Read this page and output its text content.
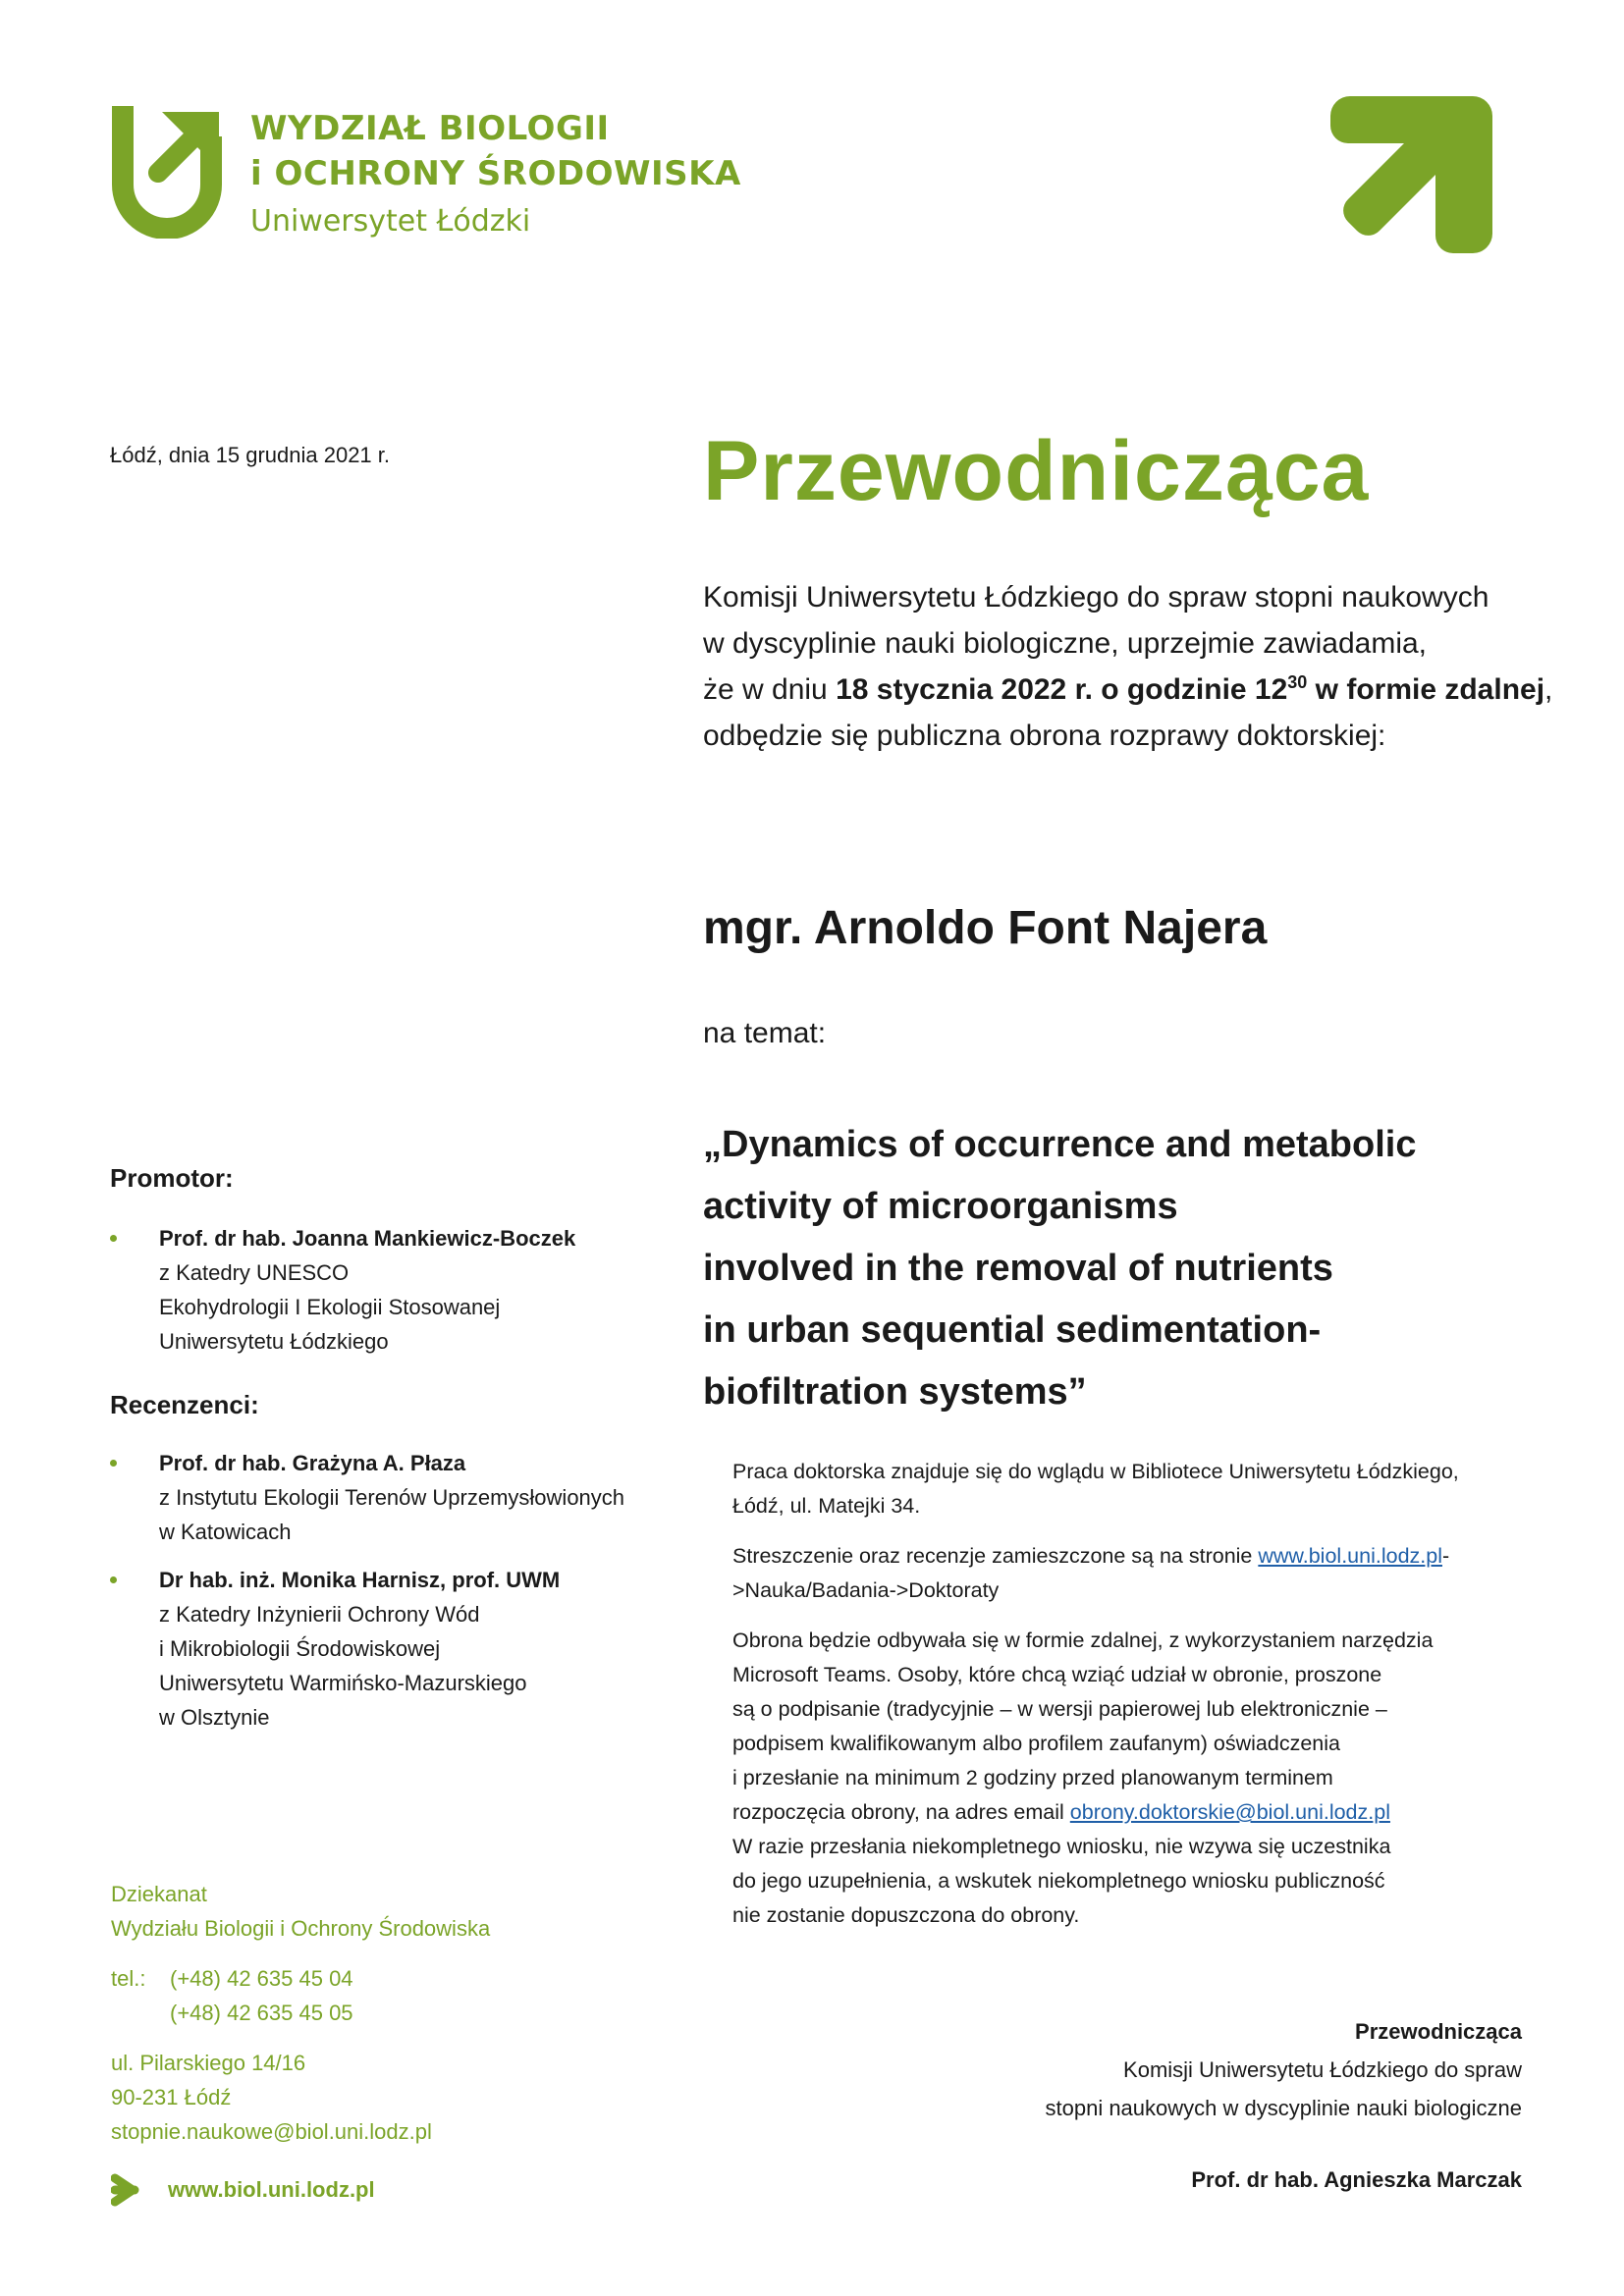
WYDZIAŁ BIOLOGII
i OCHRONY ŚRODOWISKA
Uniwersytet Łódzki
Łódź, dnia 15 grudnia 2021 r.	Przewodnicząca
Komisji Uniwersytetu Łódzkiego do spraw stopni naukowych
w dyscyplinie nauki biologiczne, uprzejmie zawiadamia,
że w dniu 18 stycznia 2022 r. o godzinie $12^{30}$ w formie zdalnej,
odbędzie się publiczna obrona rozprawy doktorskiej:
mgr. Arnoldo Font Najera
na temat:
„Dynamics of occurrence and metabolic
activity of microorganisms
involved in the removal of nutrients
in urban sequential sedimentation-
biofiltration systems”

Praca doktorska znajduje się do wglądu w Bibliotece Uniwersytetu Łódzkiego,
Łódź, ul. Matejki 34.

Streszczenie oraz recenzje zamieszczone są na stronie www.biol.uni.lodz.pl-
>Nauka/Badania->Doktoraty

Obrona będzie odbywała się w formie zdalnej, z wykorzystaniem narzędzia
Microsoft Teams. Osoby, które chcą wziąć udział w obronie, proszone
są o podpisanie (tradycyjnie – w wersji papierowej lub elektronicznie –
podpisem kwalifikowanym albo profilem zaufanym) oświadczenia
i przesłanie na minimum 2 godziny przed planowanym terminem
rozpoczęcia obrony, na adres email obrony.doktorskie@biol.uni.lodz.pl
W razie przesłania niekompletnego wniosku, nie wzywa się uczestnika
do jego uzupełnienia, a wskutek niekompletnego wniosku publiczność
nie zostanie dopuszczona do obrony.

Promotor:
Prof. dr hab. Joanna Mankiewicz-Boczek
z Katedry UNESCO
Ekohydrologii I Ekologii Stosowanej
Uniwersytetu Łódzkiego
Recenzenci:
Prof. dr hab. Grażyna A. Płaza
z Instytutu Ekologii Terenów Uprzemysłowionych
w Katowicach
Dr hab. inż. Monika Harnisz, prof. UWM
z Katedry Inżynierii Ochrony Wód
i Mikrobiologii Środowiskowej
Uniwersytetu Warmińsko-Mazurskiego
w Olsztynie
Dziekanat
Wydziału Biologii i Ochrony Środowiska
tel.:	(+48) 42 635 45 04
(+48) 42 635 45 05
ul. Pilarskiego 14/16
90-231 Łódź
stopnie.naukowe@biol.uni.lodz.pl
www.biol.uni.lodz.pl
Przewodnicząca
Komisji Uniwersytetu Łódzkiego do spraw
stopni naukowych w dyscyplinie nauki biologiczne
Prof. dr hab. Agnieszka Marczak
